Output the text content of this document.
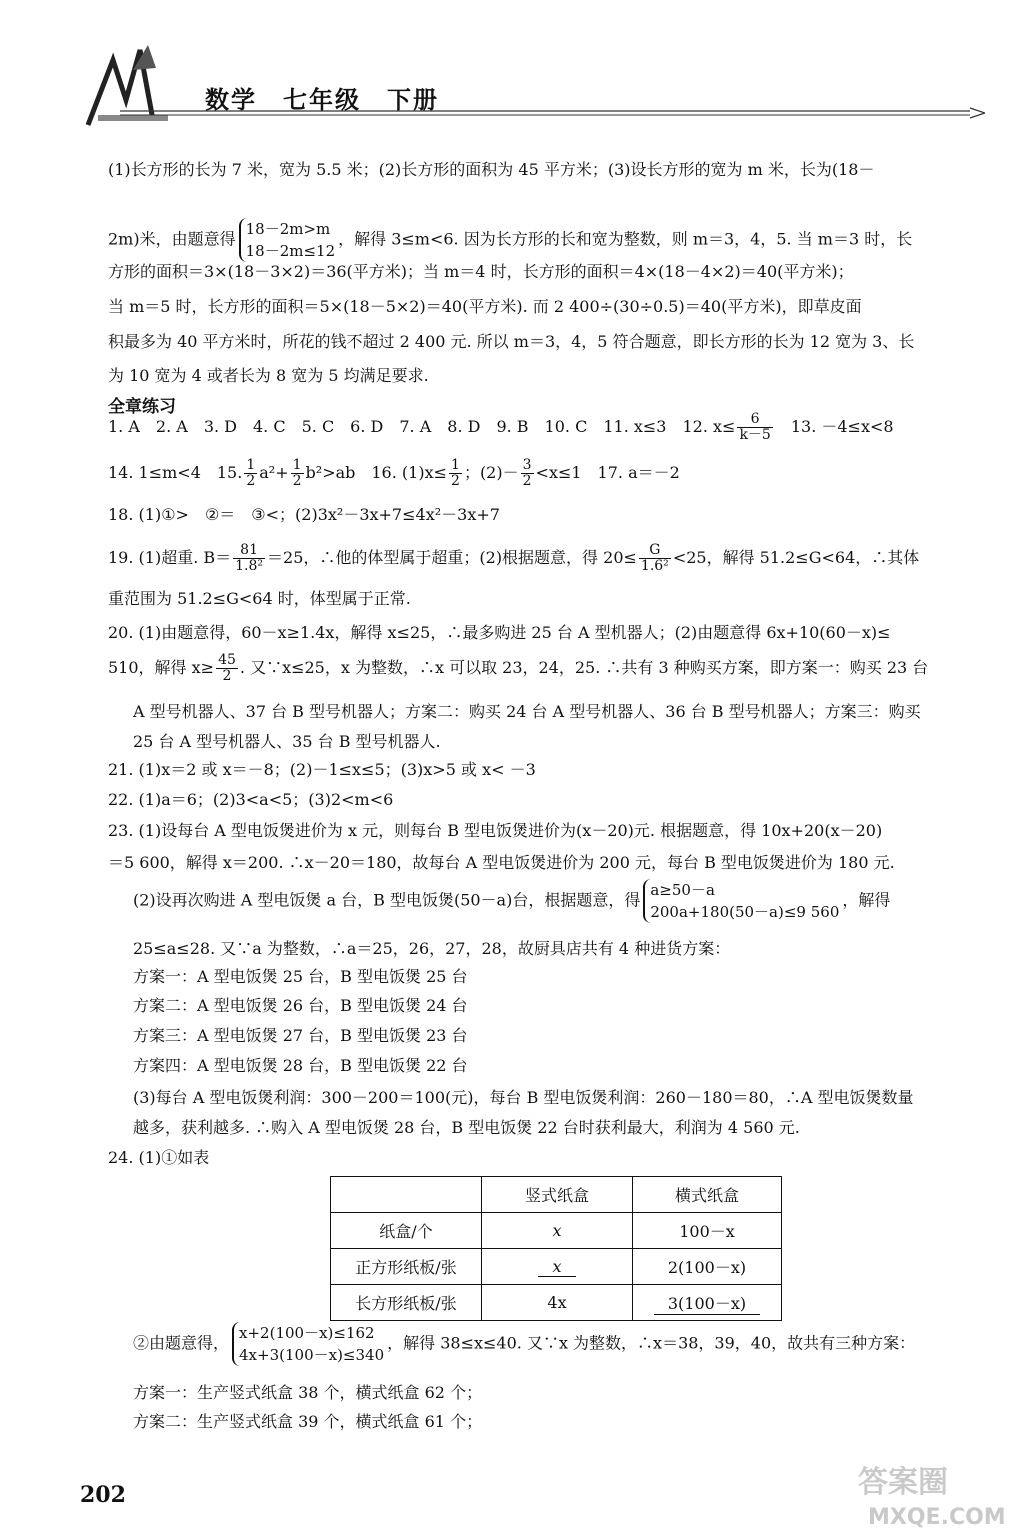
数学　七年级　下册
(1)长方形的长为 7 米，宽为 5.5 米；(2)长方形的面积为 45 平方米；(3)设长方形的宽为 m 米，长为(18－
2m)米，由题意得
18－2m>m
18－2m≤12
，解得 3≤m<6. 因为长方形的长和宽为整数，则 m＝3，4，5. 当 m＝3 时，长
方形的面积＝3×(18－3×2)＝36(平方米)；当 m＝4 时，长方形的面积＝4×(18－4×2)＝40(平方米)；
当 m＝5 时，长方形的面积＝5×(18－5×2)＝40(平方米). 而 2 400÷(30÷0.5)＝40(平方米)，即草皮面
积最多为 40 平方米时，所花的钱不超过 2 400 元. 所以 m＝3，4，5 符合题意，即长方形的长为 12 宽为 3、长
为 10 宽为 4 或者长为 8 宽为 5 均满足要求.
全章练习
1. A　2. A　3. D　4. C　5. C　6. D　7. A　8. D　9. B　10. C　11. x≤3　12. $x\le \frac{6}{k-5}$ 　13. －4≤x<8
14. 1≤m<4　15. $\frac{1}{2} a^2+ \frac{1}{2} b^2>ab$　16. $(1)x\le \frac{1}{2}$ ；$(2)- \frac{3}{2} <x\le 1$　17. a＝－2
18. (1)①>　②＝　③<；(2)3x²－3x+7≤4x²－3x+7
19. (1)超重. $B= \frac{81}{\text{1.8²}} =25$，∴他的体型属于超重；(2)根据题意，得 $20\le \frac{G}{\text{1.6²}} <25$，解得 51.2≤G<64，∴其体
重范围为 51.2≤G<64 时，体型属于正常.
20. (1)由题意得，60－x≥1.4x，解得 x≤25，∴最多购进 25 台 A 型机器人；(2)由题意得 6x+10(60－x)≤
510，解得 $x\ge \frac{45}{2}$ . 又∵x≤25，x 为整数，∴x 可以取 23，24，25. ∴共有 3 种购买方案，即方案一：购买 23 台
A 型号机器人、37 台 B 型号机器人；方案二：购买 24 台 A 型号机器人、36 台 B 型号机器人；方案三：购买
25 台 A 型号机器人、35 台 B 型号机器人.
21. (1)x＝2 或 x＝－8；(2)－1≤x≤5；(3)x>5 或 x< －3
22. (1)a＝6；(2)3<a<5；(3)2<m<6
23. (1)设每台 A 型电饭煲进价为 x 元，则每台 B 型电饭煲进价为(x－20)元. 根据题意，得 10x+20(x－20)
＝5 600，解得 x＝200. ∴x－20＝180，故每台 A 型电饭煲进价为 200 元，每台 B 型电饭煲进价为 180 元.
(2)设再次购进 A 型电饭煲 a 台，B 型电饭煲(50－a)台，根据题意，得
a≥50－a
200a+180(50－a)≤9 560
，解得
25≤a≤28. 又∵a 为整数，∴a＝25，26，27，28，故厨具店共有 4 种进货方案：
方案一：A 型电饭煲 25 台，B 型电饭煲 25 台
方案二：A 型电饭煲 26 台，B 型电饭煲 24 台
方案三：A 型电饭煲 27 台，B 型电饭煲 23 台
方案四：A 型电饭煲 28 台，B 型电饭煲 22 台
(3)每台 A 型电饭煲利润：300－200＝100(元)，每台 B 型电饭煲利润：260－180＝80，∴A 型电饭煲数量
越多，获利越多. ∴购入 A 型电饭煲 28 台，B 型电饭煲 22 台时获利最大，利润为 4 560 元.
24. (1)①如表
	竖式纸盒	横式纸盒
纸盒/个	x	100－x
正方形纸板/张	x	2(100－x)
长方形纸板/张	4x	3(100－x)
②由题意得，
x+2(100－x)≤162
4x+3(100－x)≤340
，解得 38≤x≤40. 又∵x 为整数，∴x＝38，39，40，故共有三种方案：
方案一：生产竖式纸盒 38 个，横式纸盒 62 个；
方案二：生产竖式纸盒 39 个，横式纸盒 61 个；
202	答案圈
MXQE.COM
